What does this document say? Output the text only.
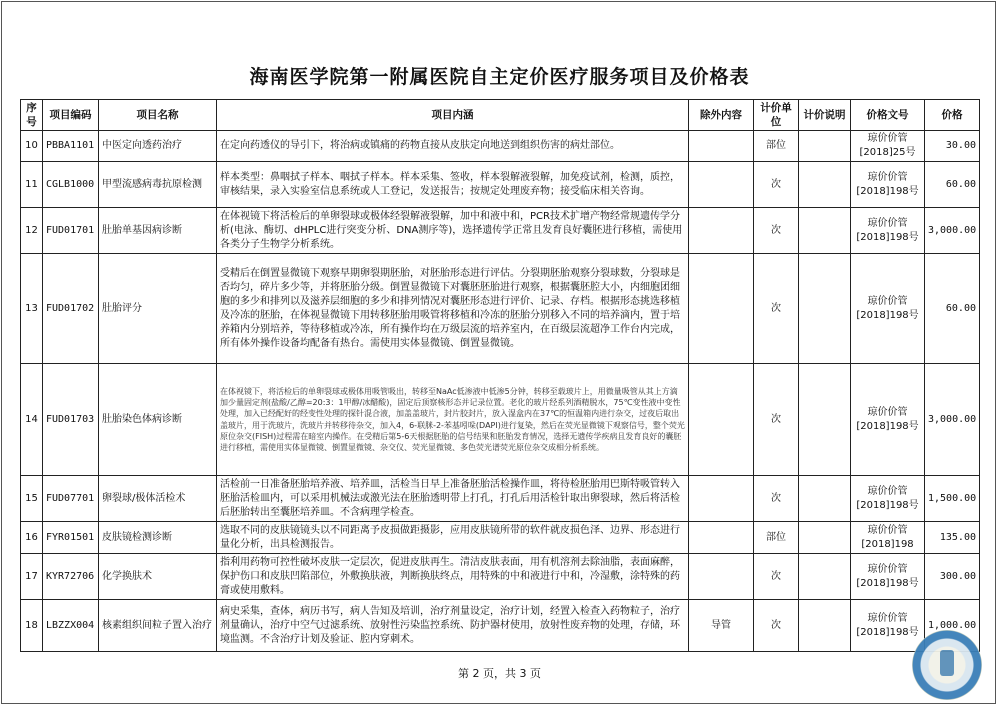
海南医学院第一附属医院自主定价医疗服务项目及价格表
序号	项目编码	项目名称	项目内涵	除外内容	计价单位	计价说明	价格文号	价格
10	PBBA1101	中医定向透药治疗	在定向药透仪的导引下，将治病或镇痛的药物直接从皮肤定向地送到组织伤害的病灶部位。		部位		琼价价管[2018]25号	30.00
11	CGLB1000	甲型流感病毒抗原检测	样本类型：鼻咽拭子样本、咽拭子样本。样本采集、签收，样本裂解液裂解，加免疫试剂，检测，质控，审核结果，录入实验室信息系统或人工登记，发送报告；按规定处理废弃物；接受临床相关咨询。		次		琼价价管[2018]198号	60.00
12	FUD01701	肚胎单基因病诊断	在体视镜下将活检后的单卵裂球或极体经裂解液裂解，加中和液中和，PCR技术扩增产物经常规遗传学分析(电泳、酶切、dHPLC进行突变分析、DNA测序等)，选择遗传学正常且发育良好囊胚进行移植，需使用各类分子生物学分析系统。		次		琼价价管[2018]198号	3,000.00
13	FUD01702	肚胎评分	受精后在倒置显微镜下观察早期卵裂期胚胎，对胚胎形态进行评估。分裂期胚胎观察分裂球数，分裂球是否均匀，碎片多少等，并将胚胎分级。倒置显微镜下对囊胚胚胎进行观察，根据囊胚腔大小，内细胞团细胞的多少和排列以及滋养层细胞的多少和排列情况对囊胚形态进行评价、记录、存档。根据形态挑选移植及冷冻的胚胎，在体视显微镜下用转移胚胎用吸管将移植和冷冻的胚胎分别移入不同的培养滴内，置于培养箱内分别培养，等待移植或冷冻，所有操作均在万级层流的培养室内，在百级层流超净工作台内完成，所有体外操作设备均配备有热台。需使用实体显微镜、倒置显微镜。		次		琼价价管[2018]198号	60.00
14	FUD01703	肚胎染色体病诊断	在体视镜下，将活检后的单卵裂球或极体用吸管吸出，转移至NaAc低渗液中低渗5分钟，转移至载玻片上，用微量吸管从其上方滴加少量固定剂(盐酸/乙醇=20:3：1甲醇/冰醋酸)，固定后顶察核形态并记录位置。老化的玻片经系列酒精脱水，75℃变性液中变性处理，加入已经配好的经变性处理的探针混合液，加盖盖玻片，封片胶封片，放入湿盒内在37℃的恒温箱内进行杂交，过夜后取出盖玻片，用于洗玻片，洗玻片并转移待杂交，加入4，6-联脒-2-苯基吲哚(DAPI)进行复染，然后在荧光显微镜下观察信号，整个荧光原位杂交(FISH)过程需在暗室内操作。在受精后第5-6天根据胚胎的信号结果和胚胎发育情况，选择无遗传学疾病且发育良好的囊胚进行移植，需使用实体显微镜、倒置显微镜、杂交仪、荧光显微镜、多色荧光谱荧光原位杂交成相分析系统。		次		琼价价管[2018]198号	3,000.00
15	FUD07701	卵裂球/极体活检术	活检前一日准备胚胎培养液、培养皿，活检当日早上准备胚胎活检操作皿，将待检胚胎用巴斯特吸管转入胚胎活检皿内，可以采用机械法或激光法在胚胎透明带上打孔，打孔后用活检针取出卵裂球，然后将活检后胚胎转出至囊胚培养皿。不含病理学检查。		次		琼价价管[2018]198号	1,500.00
16	FYR01501	皮肤镜检测诊断	选取不同的皮肤镜镜头以不同距离予皮损做距摄影，应用皮肤镜所带的软件就皮损色泽、边界、形态进行量化分析，出具检测报告。		部位		琼价价管[2018]198	135.00
17	KYR72706	化学换肤术	指利用药物可控性破坏皮肤一定层次，促进皮肤再生。清洁皮肤表面，用有机溶剂去除油脂，表面麻醉，保护伤口和皮肤凹陷部位，外敷换肤液，判断换肤终点，用特殊的中和液进行中和，冷湿敷，涂特殊的药膏或使用敷料。		次		琼价价管[2018]198号	300.00
18	LBZZX004	核素组织间粒子置入治疗	病史采集，查体，病历书写，病人告知及培训，治疗剂量设定，治疗计划，经置入检查入药物粒子，治疗剂量确认，治疗中空气过滤系统、放射性污染监控系统、防护器材使用，放射性废弃物的处理，存储，环境监测。不含治疗计划及验证、腔内穿刺术。	导管	次		琼价价管[2018]198号	1,000.00
第 2 页，共 3 页
